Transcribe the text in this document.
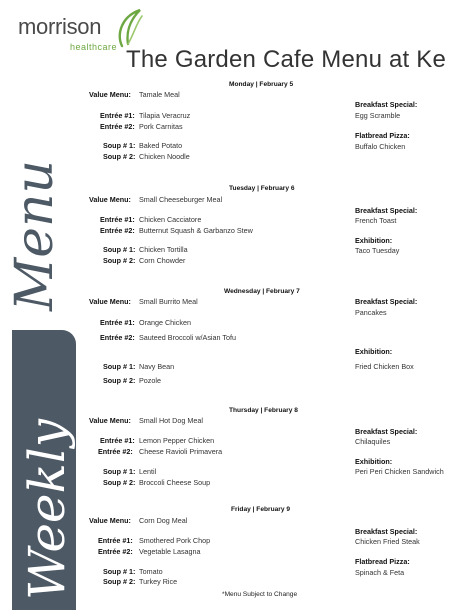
morrison
healthcare The Garden Cafe Menu at Ke
Menu
Weekly
Monday | February 5
Value Menu: Tamale Meal
Entrée #1: Tilapia Veracruz
Entrée #2: Pork Carnitas
Soup # 1: Baked Potato
Soup # 2: Chicken Noodle
Breakfast Special:
Egg Scramble
Flatbread Pizza:
Buffalo Chicken
Tuesday | February 6
Value Menu: Small Cheeseburger Meal
Entrée #1: Chicken Cacciatore
Entrée #2: Butternut Squash & Garbanzo Stew
Soup # 1: Chicken Tortilla
Soup # 2: Corn Chowder
Breakfast Special:
French Toast
Exhibition:
Taco Tuesday
Wednesday | February 7
Value Menu: Small Burrito Meal
Entrée #1: Orange Chicken
Entrée #2: Sauteed Broccoli w/Asian Tofu
Soup # 1: Navy Bean
Soup # 2: Pozole
Breakfast Special:
Pancakes
Exhibition:
Fried Chicken Box
Thursday | February 8
Value Menu: Small Hot Dog Meal
Entrée #1: Lemon Pepper Chicken
Entrée #2: Cheese Ravioli Primavera
Soup # 1: Lentil
Soup # 2: Broccoli Cheese Soup
Breakfast Special:
Chilaquiles
Exhibition:
Peri Peri Chicken Sandwich
Friday | February 9
Value Menu: Corn Dog Meal
Entrée #1: Smothered Pork Chop
Entrée #2: Vegetable Lasagna
Soup # 1: Tomato
Soup # 2: Turkey Rice
Breakfast Special:
Chicken Fried Steak
Flatbread Pizza:
Spinach & Feta
*Menu Subject to Change
